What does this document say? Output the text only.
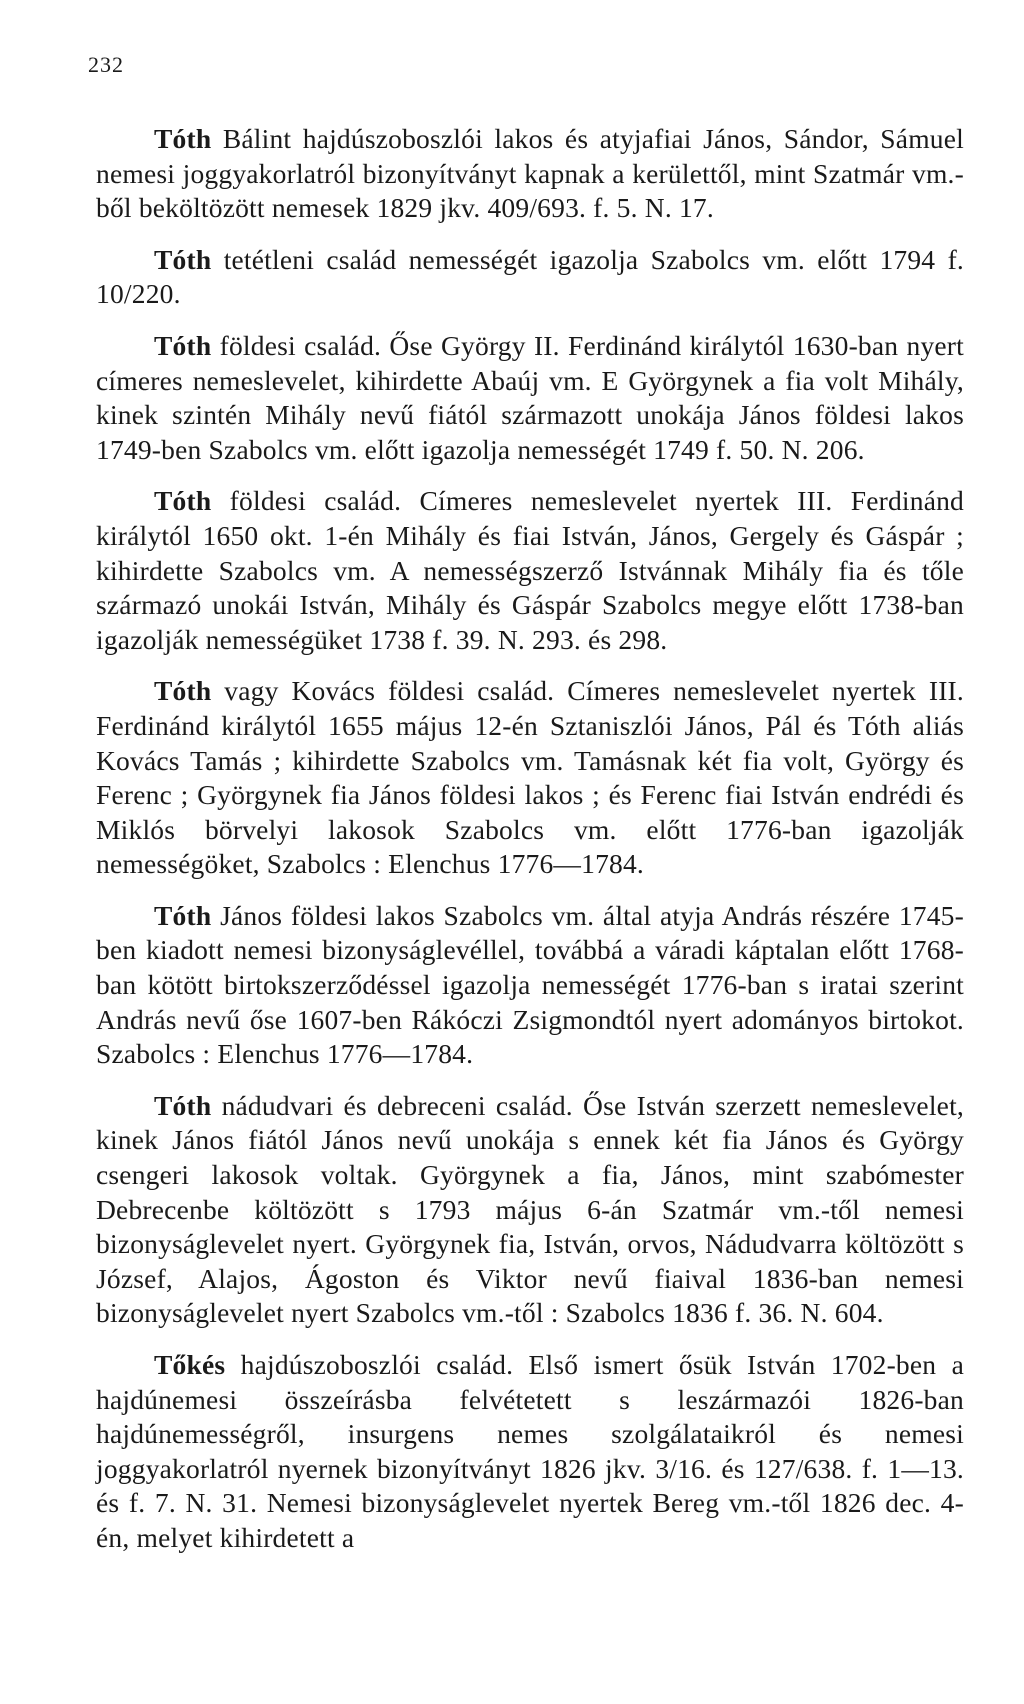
232

Tóth Bálint hajdúszoboszlói lakos és atyjafiai János, Sándor, Sámuel nemesi joggyakorlatról bizonyítványt kapnak a kerülettől, mint Szatmár vm.-ből beköltözött nemesek 1829 jkv. 409/693. f. 5. N. 17.

Tóth tetétleni család nemességét igazolja Szabolcs vm. előtt 1794 f. 10/220.

Tóth földesi család. Őse György II. Ferdinánd királytól 1630-ban nyert címeres nemeslevelet, kihirdette Abaúj vm. E Györgynek a fia volt Mihály, kinek szintén Mihály nevű fiától származott unokája János földesi lakos 1749-ben Szabolcs vm. előtt igazolja nemességét 1749 f. 50. N. 206.

Tóth földesi család. Címeres nemeslevelet nyertek III. Ferdinánd királytól 1650 okt. 1-én Mihály és fiai István, János, Gergely és Gáspár ; kihirdette Szabolcs vm. A nemességszerző Istvánnak Mihály fia és tőle származó unokái István, Mihály és Gáspár Szabolcs megye előtt 1738-ban igazolják nemességüket 1738 f. 39. N. 293. és 298.

Tóth vagy Kovács földesi család. Címeres nemeslevelet nyertek III. Ferdinánd királytól 1655 május 12-én Sztaniszlói János, Pál és Tóth aliás Kovács Tamás ; kihirdette Szabolcs vm. Tamásnak két fia volt, György és Ferenc ; Györgynek fia János földesi lakos ; és Ferenc fiai István endrédi és Miklós börvelyi lakosok Szabolcs vm. előtt 1776-ban igazolják nemességöket, Szabolcs : Elenchus 1776—1784.

Tóth János földesi lakos Szabolcs vm. által atyja András részére 1745-ben kiadott nemesi bizonyságlevéllel, továbbá a váradi káptalan előtt 1768-ban kötött birtokszerződéssel igazolja nemességét 1776-ban s iratai szerint András nevű őse 1607-ben Rákóczi Zsigmondtól nyert adományos birtokot. Szabolcs : Elenchus 1776—1784.

Tóth nádudvari és debreceni család. Őse István szerzett nemeslevelet, kinek János fiától János nevű unokája s ennek két fia János és György csengeri lakosok voltak. Györgynek a fia, János, mint szabómester Debrecenbe költözött s 1793 május 6-án Szatmár vm.-től nemesi bizonyságlevelet nyert. Györgynek fia, István, orvos, Nádudvarra költözött s József, Alajos, Ágoston és Viktor nevű fiaival 1836-ban nemesi bizonyságlevelet nyert Szabolcs vm.-től : Szabolcs 1836 f. 36. N. 604.

Tőkés hajdúszoboszlói család. Első ismert ősük István 1702-ben a hajdúnemesi összeírásba felvétetett s leszármazói 1826-ban hajdúnemességről, insurgens nemes szolgálataikról és nemesi joggyakorlatról nyernek bizonyítványt 1826 jkv. 3/16. és 127/638. f. 1—13. és f. 7. N. 31. Nemesi bizonyságlevelet nyertek Bereg vm.-től 1826 dec. 4-én, melyet kihirdetett a
